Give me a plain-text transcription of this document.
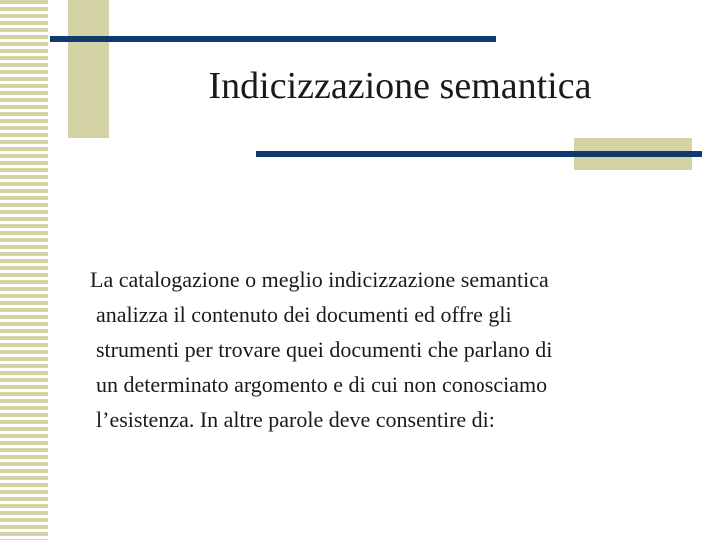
Indicizzazione semantica

La catalogazione o meglio indicizzazione semantica
analizza il contenuto dei documenti ed offre gli
strumenti per trovare quei documenti che parlano di
un determinato argomento e di cui non conosciamo
l’esistenza. In altre parole deve consentire di:
